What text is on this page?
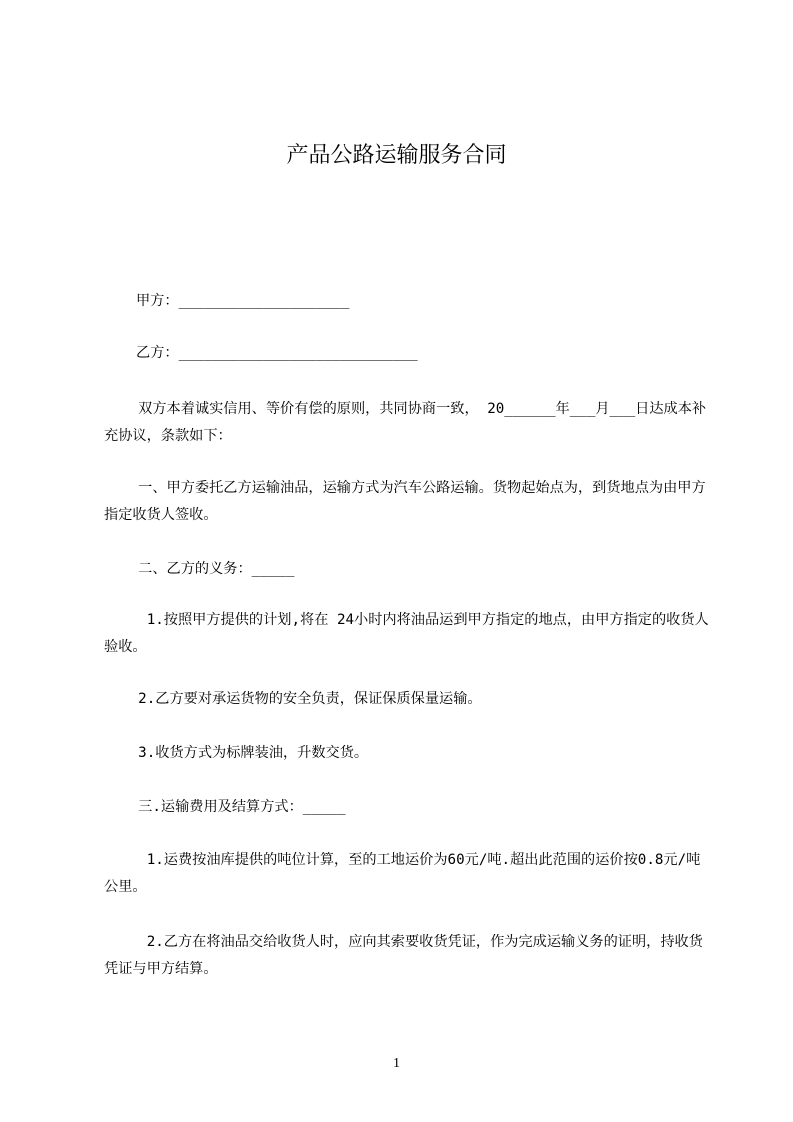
产品公路运输服务合同
甲方：____________________
乙方：____________________________
双方本着诚实信用、等价有偿的原则，共同协商一致， 20______年___月___日达成本补充协议，条款如下：
一、甲方委托乙方运输油品，运输方式为汽车公路运输。货物起始点为，到货地点为由甲方指定收货人签收。
二、乙方的义务：_____
1.按照甲方提供的计划,将在 24小时内将油品运到甲方指定的地点，由甲方指定的收货人验收。
2.乙方要对承运货物的安全负责，保证保质保量运输。
3.收货方式为标牌装油，升数交货。
三.运输费用及结算方式：_____
1.运费按油库提供的吨位计算，至的工地运价为60元/吨.超出此范围的运价按0.8元/吨公里。
2.乙方在将油品交给收货人时，应向其索要收货凭证，作为完成运输义务的证明，持收货凭证与甲方结算。
1
